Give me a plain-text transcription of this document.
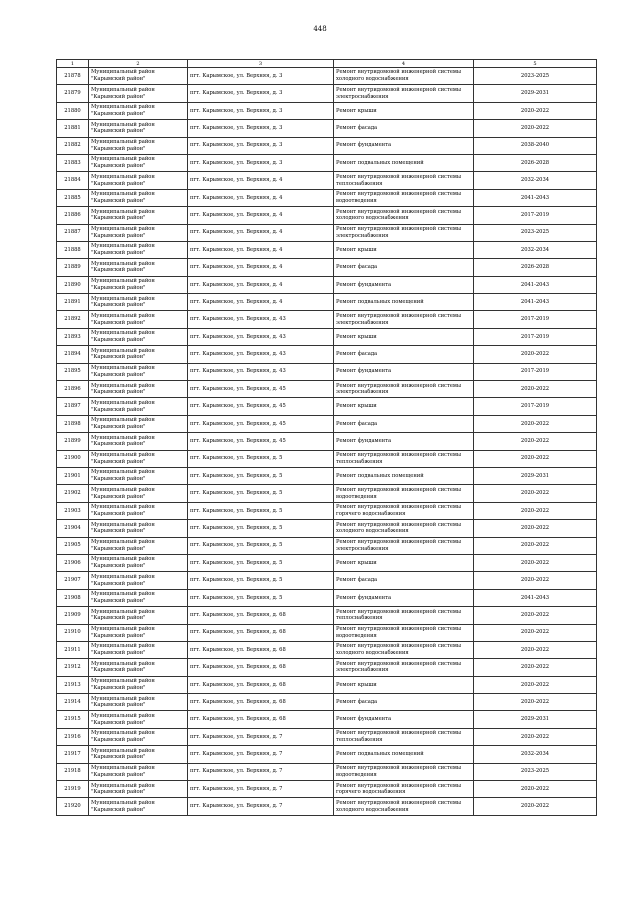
448
1	2	3	4	5
21878	Муниципальный район "Карымский район"	пгт. Карымское, ул. Верхняя, д. 3	Ремонт внутридомовой инженерной системы холодного водоснабжения	2023-2025
21879	Муниципальный район "Карымский район"	пгт. Карымское, ул. Верхняя, д. 3	Ремонт внутридомовой инженерной системы электроснабжения	2029-2031
21880	Муниципальный район "Карымский район"	пгт. Карымское, ул. Верхняя, д. 3	Ремонт крыши	2020-2022
21881	Муниципальный район "Карымский район"	пгт. Карымское, ул. Верхняя, д. 3	Ремонт фасада	2020-2022
21882	Муниципальный район "Карымский район"	пгт. Карымское, ул. Верхняя, д. 3	Ремонт фундамента	2038-2040
21883	Муниципальный район "Карымский район"	пгт. Карымское, ул. Верхняя, д. 3	Ремонт подвальных помещений	2026-2028
21884	Муниципальный район "Карымский район"	пгт. Карымское, ул. Верхняя, д. 4	Ремонт внутридомовой инженерной системы теплоснабжения	2032-2034
21885	Муниципальный район "Карымский район"	пгт. Карымское, ул. Верхняя, д. 4	Ремонт внутридомовой инженерной системы водоотведения	2041-2043
21886	Муниципальный район "Карымский район"	пгт. Карымское, ул. Верхняя, д. 4	Ремонт внутридомовой инженерной системы холодного водоснабжения	2017-2019
21887	Муниципальный район "Карымский район"	пгт. Карымское, ул. Верхняя, д. 4	Ремонт внутридомовой инженерной системы электроснабжения	2023-2025
21888	Муниципальный район "Карымский район"	пгт. Карымское, ул. Верхняя, д. 4	Ремонт крыши	2032-2034
21889	Муниципальный район "Карымский район"	пгт. Карымское, ул. Верхняя, д. 4	Ремонт фасада	2026-2028
21890	Муниципальный район "Карымский район"	пгт. Карымское, ул. Верхняя, д. 4	Ремонт фундамента	2041-2043
21891	Муниципальный район "Карымский район"	пгт. Карымское, ул. Верхняя, д. 4	Ремонт подвальных помещений	2041-2043
21892	Муниципальный район "Карымский район"	пгт. Карымское, ул. Верхняя, д. 43	Ремонт внутридомовой инженерной системы электроснабжения	2017-2019
21893	Муниципальный район "Карымский район"	пгт. Карымское, ул. Верхняя, д. 43	Ремонт крыши	2017-2019
21894	Муниципальный район "Карымский район"	пгт. Карымское, ул. Верхняя, д. 43	Ремонт фасада	2020-2022
21895	Муниципальный район "Карымский район"	пгт. Карымское, ул. Верхняя, д. 43	Ремонт фундамента	2017-2019
21896	Муниципальный район "Карымский район"	пгт. Карымское, ул. Верхняя, д. 45	Ремонт внутридомовой инженерной системы электроснабжения	2020-2022
21897	Муниципальный район "Карымский район"	пгт. Карымское, ул. Верхняя, д. 45	Ремонт крыши	2017-2019
21898	Муниципальный район "Карымский район"	пгт. Карымское, ул. Верхняя, д. 45	Ремонт фасада	2020-2022
21899	Муниципальный район "Карымский район"	пгт. Карымское, ул. Верхняя, д. 45	Ремонт фундамента	2020-2022
21900	Муниципальный район "Карымский район"	пгт. Карымское, ул. Верхняя, д. 5	Ремонт внутридомовой инженерной системы теплоснабжения	2020-2022
21901	Муниципальный район "Карымский район"	пгт. Карымское, ул. Верхняя, д. 5	Ремонт подвальных помещений	2029-2031
21902	Муниципальный район "Карымский район"	пгт. Карымское, ул. Верхняя, д. 5	Ремонт внутридомовой инженерной системы водоотведения	2020-2022
21903	Муниципальный район "Карымский район"	пгт. Карымское, ул. Верхняя, д. 5	Ремонт внутридомовой инженерной системы горячего водоснабжения	2020-2022
21904	Муниципальный район "Карымский район"	пгт. Карымское, ул. Верхняя, д. 5	Ремонт внутридомовой инженерной системы холодного водоснабжения	2020-2022
21905	Муниципальный район "Карымский район"	пгт. Карымское, ул. Верхняя, д. 5	Ремонт внутридомовой инженерной системы электроснабжения	2020-2022
21906	Муниципальный район "Карымский район"	пгт. Карымское, ул. Верхняя, д. 5	Ремонт крыши	2020-2022
21907	Муниципальный район "Карымский район"	пгт. Карымское, ул. Верхняя, д. 5	Ремонт фасада	2020-2022
21908	Муниципальный район "Карымский район"	пгт. Карымское, ул. Верхняя, д. 5	Ремонт фундамента	2041-2043
21909	Муниципальный район "Карымский район"	пгт. Карымское, ул. Верхняя, д. 68	Ремонт внутридомовой инженерной системы теплоснабжения	2020-2022
21910	Муниципальный район "Карымский район"	пгт. Карымское, ул. Верхняя, д. 68	Ремонт внутридомовой инженерной системы водоотведения	2020-2022
21911	Муниципальный район "Карымский район"	пгт. Карымское, ул. Верхняя, д. 68	Ремонт внутридомовой инженерной системы холодного водоснабжения	2020-2022
21912	Муниципальный район "Карымский район"	пгт. Карымское, ул. Верхняя, д. 68	Ремонт внутридомовой инженерной системы электроснабжения	2020-2022
21913	Муниципальный район "Карымский район"	пгт. Карымское, ул. Верхняя, д. 68	Ремонт крыши	2020-2022
21914	Муниципальный район "Карымский район"	пгт. Карымское, ул. Верхняя, д. 68	Ремонт фасада	2020-2022
21915	Муниципальный район "Карымский район"	пгт. Карымское, ул. Верхняя, д. 68	Ремонт фундамента	2029-2031
21916	Муниципальный район "Карымский район"	пгт. Карымское, ул. Верхняя, д. 7	Ремонт внутридомовой инженерной системы теплоснабжения	2020-2022
21917	Муниципальный район "Карымский район"	пгт. Карымское, ул. Верхняя, д. 7	Ремонт подвальных помещений	2032-2034
21918	Муниципальный район "Карымский район"	пгт. Карымское, ул. Верхняя, д. 7	Ремонт внутридомовой инженерной системы водоотведения	2023-2025
21919	Муниципальный район "Карымский район"	пгт. Карымское, ул. Верхняя, д. 7	Ремонт внутридомовой инженерной системы горячего водоснабжения	2020-2022
21920	Муниципальный район "Карымский район"	пгт. Карымское, ул. Верхняя, д. 7	Ремонт внутридомовой инженерной системы холодного водоснабжения	2020-2022
